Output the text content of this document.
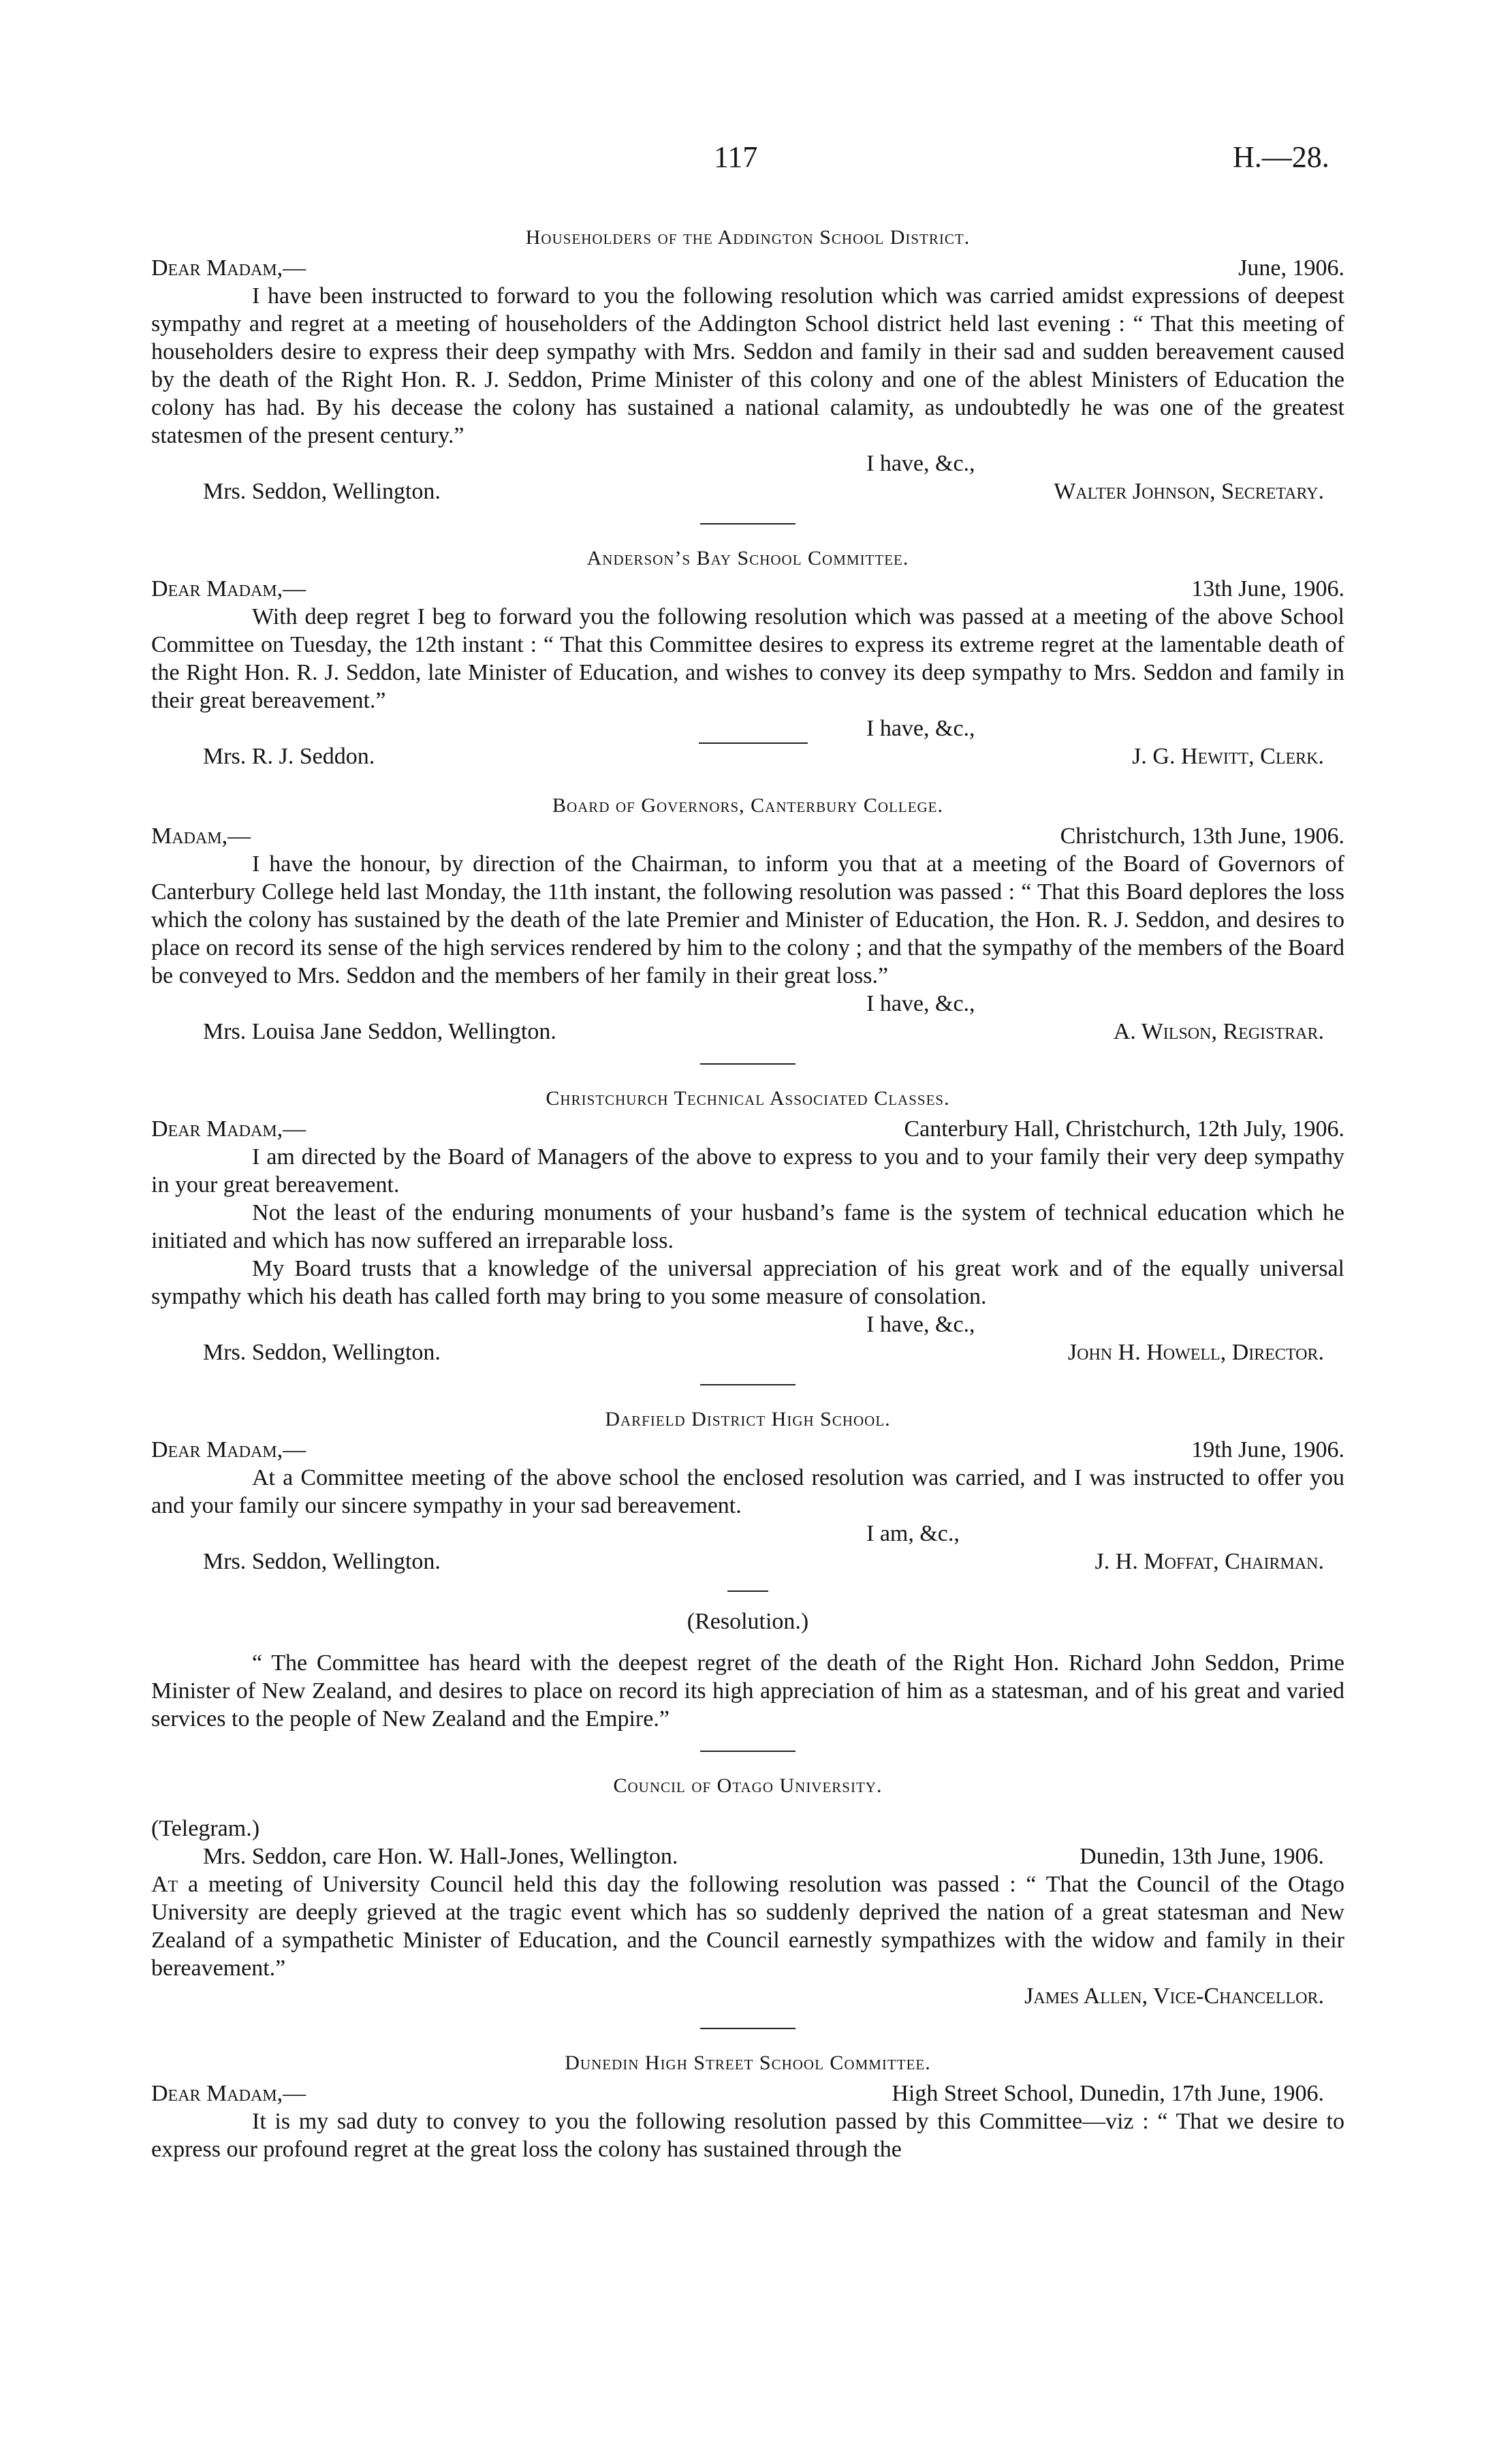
117	H.—28.
Householders of the Addington School District.
Dear Madam,—	June, 1906.

I have been instructed to forward to you the following resolution which was carried amidst expressions of deepest sympathy and regret at a meeting of householders of the Addington School district held last evening : “ That this meeting of householders desire to express their deep sympathy with Mrs. Seddon and family in their sad and sudden bereavement caused by the death of the Right Hon. R. J. Seddon, Prime Minister of this colony and one of the ablest Ministers of Education the colony has had. By his decease the colony has sustained a national calamity, as undoubtedly he was one of the greatest statesmen of the present century.”

I have, &c.,
Mrs. Seddon, Wellington.	Walter Johnson, Secretary.
Anderson’s Bay School Committee.
Dear Madam,—	13th June, 1906.

With deep regret I beg to forward you the following resolution which was passed at a meeting of the above School Committee on Tuesday, the 12th instant : “ That this Committee desires to express its extreme regret at the lamentable death of the Right Hon. R. J. Seddon, late Minister of Education, and wishes to convey its deep sympathy to Mrs. Seddon and family in their great bereavement.”

I have, &c.,
Mrs. R. J. Seddon.	J. G. Hewitt, Clerk.
Board of Governors, Canterbury College.
Madam,—	Christchurch, 13th June, 1906.

I have the honour, by direction of the Chairman, to inform you that at a meeting of the Board of Governors of Canterbury College held last Monday, the 11th instant, the following resolution was passed : “ That this Board deplores the loss which the colony has sustained by the death of the late Premier and Minister of Education, the Hon. R. J. Seddon, and desires to place on record its sense of the high services rendered by him to the colony ; and that the sympathy of the members of the Board be conveyed to Mrs. Seddon and the members of her family in their great loss.”

I have, &c.,
Mrs. Louisa Jane Seddon, Wellington.	A. Wilson, Registrar.
Christchurch Technical Associated Classes.
Dear Madam,—	Canterbury Hall, Christchurch, 12th July, 1906.

I am directed by the Board of Managers of the above to express to you and to your family their very deep sympathy in your great bereavement.

Not the least of the enduring monuments of your husband’s fame is the system of technical education which he initiated and which has now suffered an irreparable loss.

My Board trusts that a knowledge of the universal appreciation of his great work and of the equally universal sympathy which his death has called forth may bring to you some measure of consolation.

I have, &c.,
Mrs. Seddon, Wellington.	John H. Howell, Director.
Darfield District High School.
Dear Madam,—	19th June, 1906.

At a Committee meeting of the above school the enclosed resolution was carried, and I was instructed to offer you and your family our sincere sympathy in your sad bereavement.

I am, &c.,
Mrs. Seddon, Wellington.	J. H. Moffat, Chairman.
(Resolution.)

“ The Committee has heard with the deepest regret of the death of the Right Hon. Richard John Seddon, Prime Minister of New Zealand, and desires to place on record its high appreciation of him as a statesman, and of his great and varied services to the people of New Zealand and the Empire.”

Council of Otago University.
(Telegram.)
Mrs. Seddon, care Hon. W. Hall-Jones, Wellington.	Dunedin, 13th June, 1906.

At a meeting of University Council held this day the following resolution was passed : “ That the Council of the Otago University are deeply grieved at the tragic event which has so suddenly deprived the nation of a great statesman and New Zealand of a sympathetic Minister of Education, and the Council earnestly sympathizes with the widow and family in their bereavement.”

James Allen, Vice-Chancellor.
Dunedin High Street School Committee.
Dear Madam,—	High Street School, Dunedin, 17th June, 1906.

It is my sad duty to convey to you the following resolution passed by this Committee—viz : “ That we desire to express our profound regret at the great loss the colony has sustained through the
